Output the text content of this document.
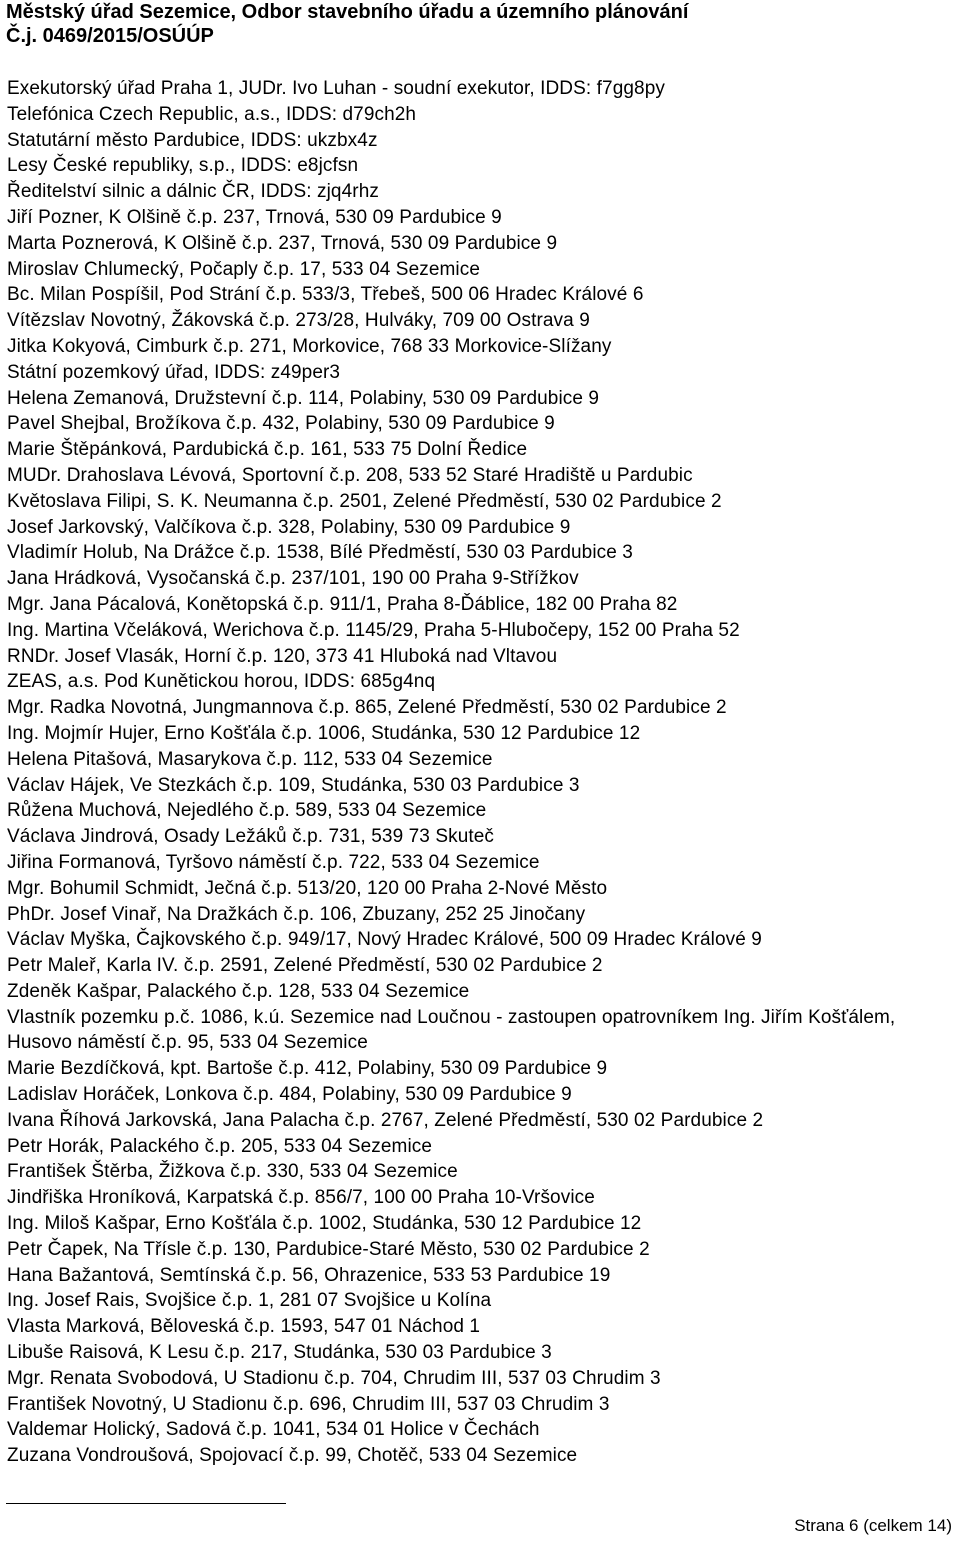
Městský úřad Sezemice, Odbor stavebního úřadu a územního plánování
Č.j. 0469/2015/OSÚÚP
Exekutorský úřad Praha 1, JUDr. Ivo Luhan - soudní exekutor, IDDS: f7gg8py
Telefónica Czech Republic, a.s., IDDS: d79ch2h
Statutární město Pardubice, IDDS: ukzbx4z
Lesy České republiky, s.p., IDDS: e8jcfsn
Ředitelství silnic a dálnic ČR, IDDS: zjq4rhz
Jiří Pozner, K Olšině č.p. 237, Trnová, 530 09 Pardubice 9
Marta Poznerová, K Olšině č.p. 237, Trnová, 530 09 Pardubice 9
Miroslav Chlumecký, Počaply č.p. 17, 533 04 Sezemice
Bc. Milan Pospíšil, Pod Strání č.p. 533/3, Třebeš, 500 06 Hradec Králové 6
Vítězslav Novotný, Žákovská č.p. 273/28, Hulváky, 709 00 Ostrava 9
Jitka Kokyová, Cimburk č.p. 271, Morkovice, 768 33 Morkovice-Slížany
Státní pozemkový úřad, IDDS: z49per3
Helena Zemanová, Družstevní č.p. 114, Polabiny, 530 09 Pardubice 9
Pavel Shejbal, Brožíkova č.p. 432, Polabiny, 530 09 Pardubice 9
Marie Štěpánková, Pardubická č.p. 161, 533 75 Dolní Ředice
MUDr. Drahoslava Lévová, Sportovní č.p. 208, 533 52 Staré Hradiště u Pardubic
Květoslava Filipi, S. K. Neumanna č.p. 2501, Zelené Předměstí, 530 02 Pardubice 2
Josef Jarkovský, Valčíkova č.p. 328, Polabiny, 530 09 Pardubice 9
Vladimír Holub, Na Drážce č.p. 1538, Bílé Předměstí, 530 03 Pardubice 3
Jana Hrádková, Vysočanská č.p. 237/101, 190 00 Praha 9-Střížkov
Mgr. Jana Pácalová, Konětopská č.p. 911/1, Praha 8-Ďáblice, 182 00 Praha 82
Ing. Martina Včeláková, Werichova č.p. 1145/29, Praha 5-Hlubočepy, 152 00 Praha 52
RNDr. Josef Vlasák, Horní č.p. 120, 373 41 Hluboká nad Vltavou
ZEAS, a.s. Pod Kunětickou horou, IDDS: 685g4nq
Mgr. Radka Novotná, Jungmannova č.p. 865, Zelené Předměstí, 530 02 Pardubice 2
Ing. Mojmír Hujer, Erno Košťála č.p. 1006, Studánka, 530 12 Pardubice 12
Helena Pitašová, Masarykova č.p. 112, 533 04 Sezemice
Václav Hájek, Ve Stezkách č.p. 109, Studánka, 530 03 Pardubice 3
Růžena Muchová, Nejedlého č.p. 589, 533 04 Sezemice
Václava Jindrová, Osady Ležáků č.p. 731, 539 73 Skuteč
Jiřina Formanová, Tyršovo náměstí č.p. 722, 533 04 Sezemice
Mgr. Bohumil Schmidt, Ječná č.p. 513/20, 120 00 Praha 2-Nové Město
PhDr. Josef Vinař, Na Dražkách č.p. 106, Zbuzany, 252 25 Jinočany
Václav Myška, Čajkovského č.p. 949/17, Nový Hradec Králové, 500 09 Hradec Králové 9
Petr Maleř, Karla IV. č.p. 2591, Zelené Předměstí, 530 02 Pardubice 2
Zdeněk Kašpar, Palackého č.p. 128, 533 04 Sezemice
Vlastník pozemku p.č. 1086, k.ú. Sezemice nad Loučnou - zastoupen opatrovníkem Ing. Jiřím Košťálem, Husovo náměstí č.p. 95, 533 04 Sezemice
Marie Bezdíčková, kpt. Bartoše č.p. 412, Polabiny, 530 09 Pardubice 9
Ladislav Horáček, Lonkova č.p. 484, Polabiny, 530 09 Pardubice 9
Ivana Říhová Jarkovská, Jana Palacha č.p. 2767, Zelené Předměstí, 530 02 Pardubice 2
Petr Horák, Palackého č.p. 205, 533 04 Sezemice
František Štěrba, Žižkova č.p. 330, 533 04 Sezemice
Jindřiška Hroníková, Karpatská č.p. 856/7, 100 00 Praha 10-Vršovice
Ing. Miloš Kašpar, Erno Košťála č.p. 1002, Studánka, 530 12 Pardubice 12
Petr Čapek, Na Třísle č.p. 130, Pardubice-Staré Město, 530 02 Pardubice 2
Hana Bažantová, Semtínská č.p. 56, Ohrazenice, 533 53 Pardubice 19
Ing. Josef Rais, Svojšice č.p. 1, 281 07 Svojšice u Kolína
Vlasta Marková, Běloveská č.p. 1593, 547 01 Náchod 1
Libuše Raisová, K Lesu č.p. 217, Studánka, 530 03 Pardubice 3
Mgr. Renata Svobodová, U Stadionu č.p. 704, Chrudim III, 537 03 Chrudim 3
František Novotný, U Stadionu č.p. 696, Chrudim III, 537 03 Chrudim 3
Valdemar Holický, Sadová č.p. 1041, 534 01 Holice v Čechách
Zuzana Vondroušová, Spojovací č.p. 99, Chotěč, 533 04 Sezemice
Strana 6 (celkem 14)
